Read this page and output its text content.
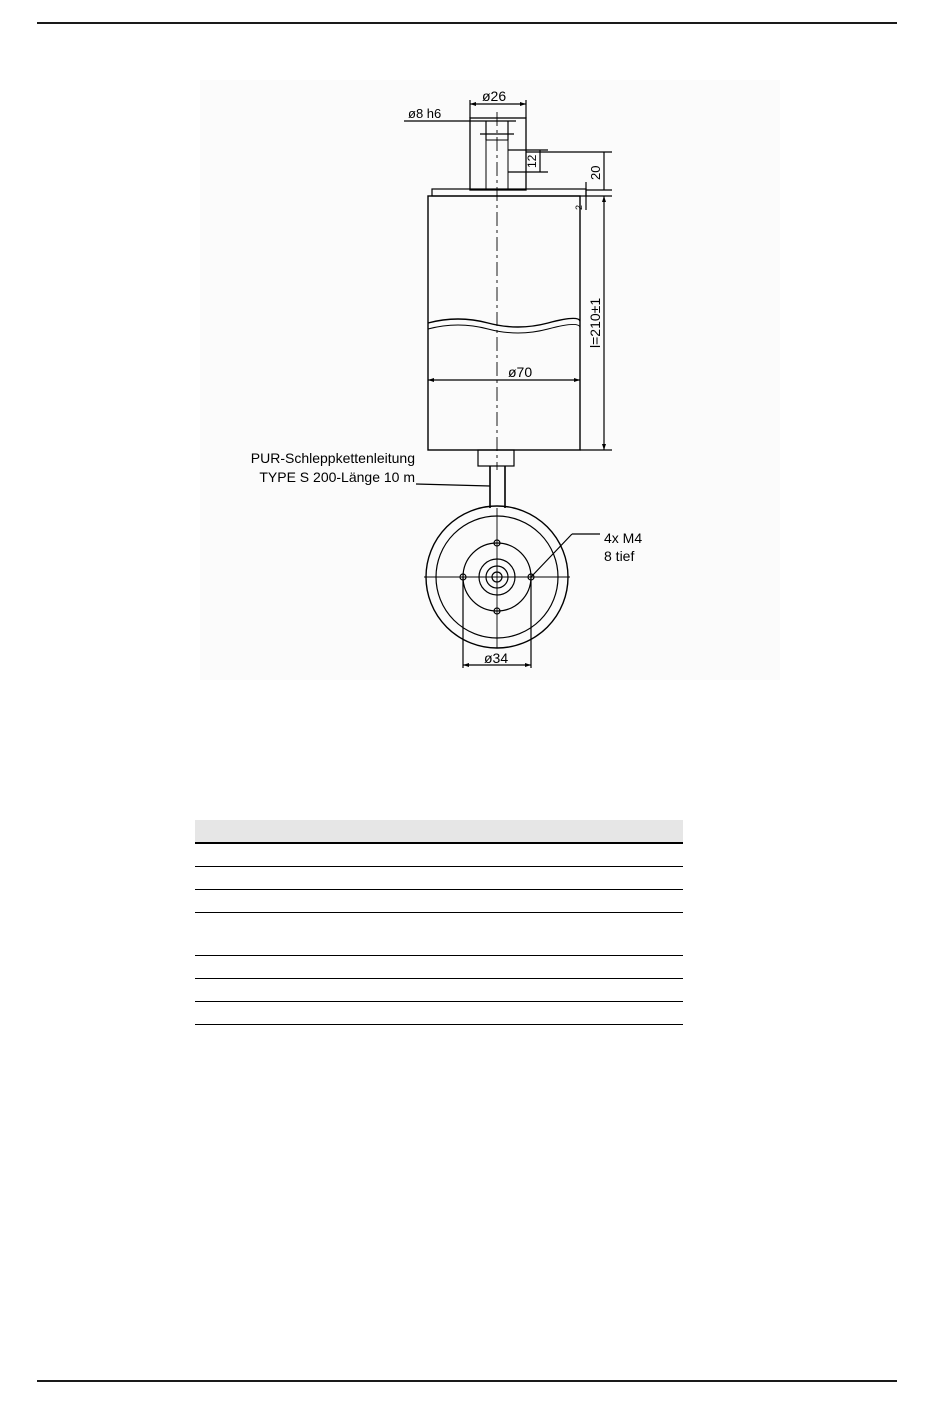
ø26
ø8 h6
12
20
2
l=210±1
ø70
PUR-Schleppkettenleitung
TYPE S 200-Länge 10 m
4x M4
8 tief
ø34
